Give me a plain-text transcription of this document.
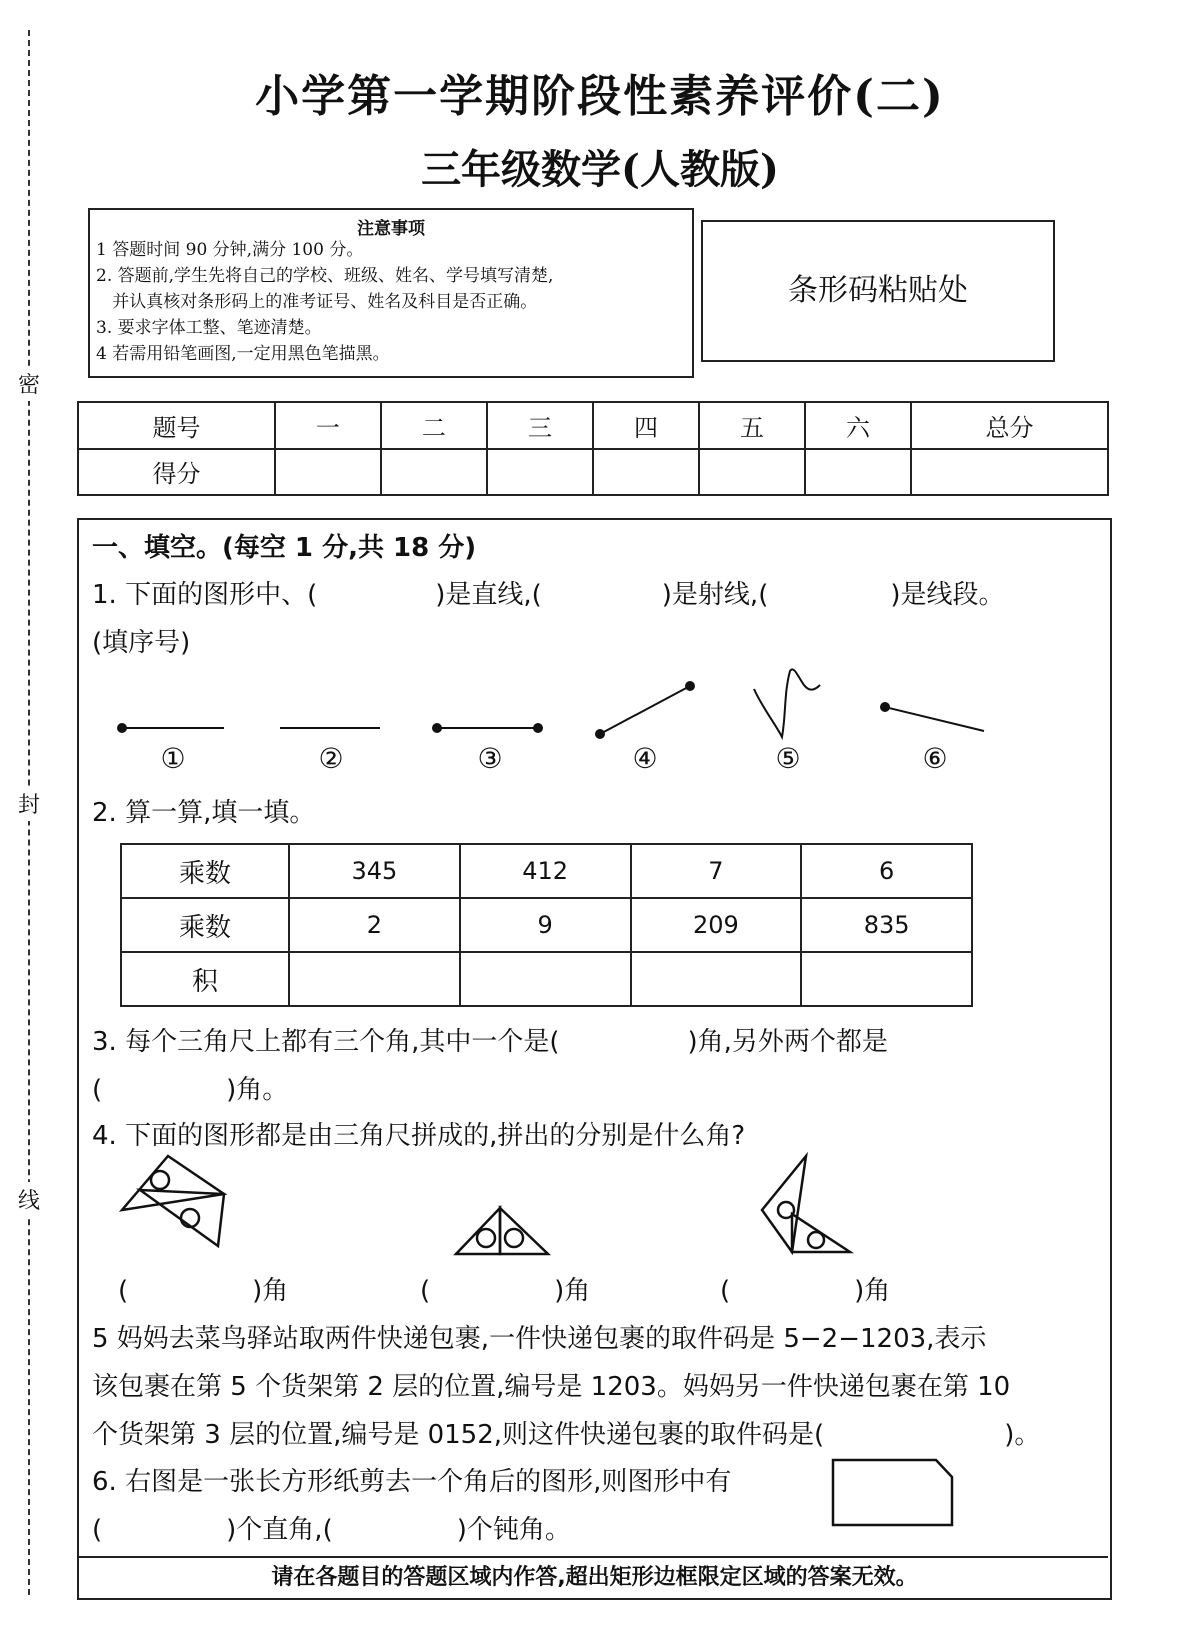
密
封
线
小学第一学期阶段性素养评价(二)
三年级数学(人教版)
注意事项
1 答题时间 90 分钟,满分 100 分。
2. 答题前,学生先将自己的学校、班级、姓名、学号填写清楚,
并认真核对条形码上的准考证号、姓名及科目是否正确。
3. 要求字体工整、笔迹清楚。
4 若需用铅笔画图,一定用黑色笔描黑。
条形码粘贴处
题号	一	二	三	四	五	六	总分
得分							
一、填空。(每空 1 分,共 18 分)
1. 下面的图形中、(	)是直线,(	)是射线,(	)是线段。
(填序号)
①	②	③	④	⑤	⑥
2. 算一算,填一填。
乘数	345	412	7	6
乘数	2	9	209	835
积				
3. 每个三角尺上都有三个角,其中一个是(	)角,另外两个都是
(	)角。
4. 下面的图形都是由三角尺拼成的,拼出的分别是什么角?
(	)角	(	)角	(	)角
5 妈妈去菜鸟驿站取两件快递包裹,一件快递包裹的取件码是 5−2−1203,表示
该包裹在第 5 个货架第 2 层的位置,编号是 1203。妈妈另一件快递包裹在第 10
个货架第 3 层的位置,编号是 0152,则这件快递包裹的取件码是(	)。
6. 右图是一张长方形纸剪去一个角后的图形,则图形中有
(	)个直角,(	)个钝角。
请在各题目的答题区域内作答,超出矩形边框限定区域的答案无效。
